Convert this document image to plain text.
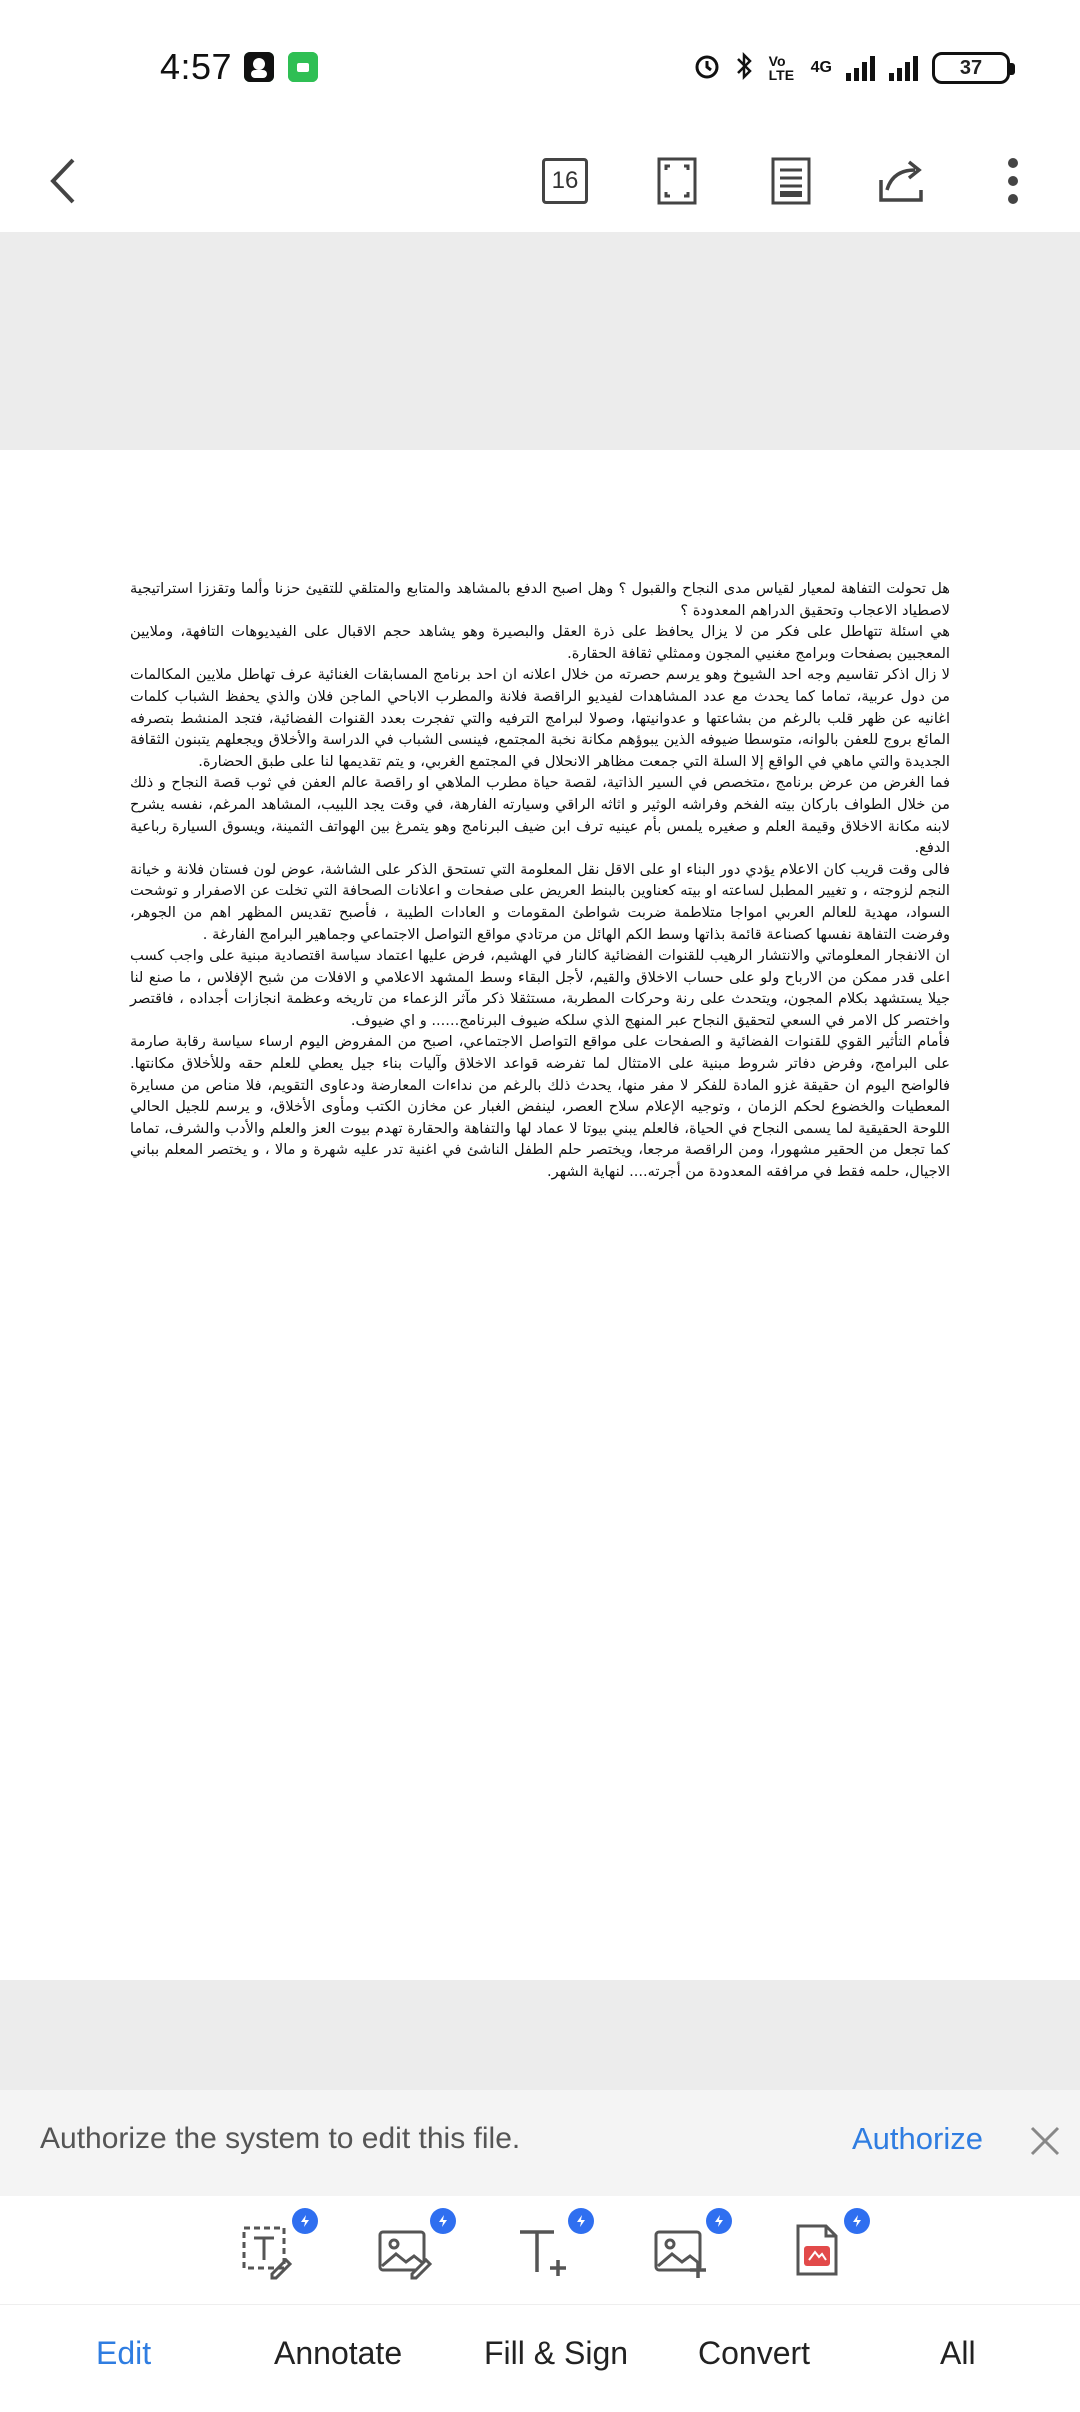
4:57	Vo LTE 4G	37
16

هل تحولت التفاهة لمعيار لقياس مدى النجاح والقبول ؟ وهل اصبح الدفع بالمشاهد والمتابع والمتلقي للتقيئ حزنا وألما وتقززا استراتيجية لاصطياد الاعجاب وتحقيق الدراهم المعدودة ؟

هي اسئلة تتهاطل على فكر من لا يزال يحافظ على ذرة العقل والبصيرة وهو يشاهد حجم الاقبال على الفيديوهات التافهة، وملايين المعجبين بصفحات وبرامج مغنيي المجون وممثلي ثقافة الحقارة.

لا زال اذكر تقاسيم وجه احد الشيوخ وهو يرسم حصرته من خلال اعلانه ان احد برنامج المسابقات الغنائية عرف تهاطل ملايين المكالمات من دول عربية، تماما كما يحدث مع عدد المشاهدات لفيديو الراقصة فلانة والمطرب الاباحي الماجن فلان والذي يحفظ الشباب كلمات اغانيه عن ظهر قلب بالرغم من بشاعتها و عدوانيتها، وصولا لبرامج الترفيه والتي تفجرت بعدد القنوات الفضائية، فتجد المنشط بتصرفه المائع بروج للعفن بالوانه، متوسطا ضيوفه الذين يبوؤهم مكانة نخبة المجتمع، فينسى الشباب في الدراسة والأخلاق ويجعلهم يتبنون الثقافة الجديدة والتي ماهي في الواقع إلا السلة التي جمعت مظاهر الانحلال في المجتمع الغربي، و يتم تقديمها لنا على طبق الحضارة.

فما الغرض من عرض برنامج ،متخصص في السير الذاتية، لقصة حياة مطرب الملاهي او راقصة عالم العفن في ثوب قصة النجاح و ذلك من خلال الطواف باركان بيته الفخم وفراشه الوثير و اثاثه الراقي وسيارته الفارهة، في وقت يجد اللبيب، المشاهد المرغم، نفسه يشرح لابنه مكانة الاخلاق وقيمة العلم و صغيره يلمس بأم عينيه ترف ابن ضيف البرنامج وهو يتمرغ بين الهواتف الثمينة، ويسوق السيارة رباعية الدفع.

فالى وقت قريب كان الاعلام يؤدي دور البناء او على الاقل نقل المعلومة التي تستحق الذكر على الشاشة، عوض لون فستان فلانة و خيانة النجم لزوجته ، و تغيير المطبل لساعته او بيته كعناوين بالبنط العريض على صفحات و اعلانات الصحافة التي تخلت عن الاصفرار و توشحت السواد، مهدية للعالم العربي امواجا متلاطمة ضربت شواطئ المقومات و العادات الطيبة ، فأصبح تقديس المظهر اهم من الجوهر، وفرضت التفاهة نفسها كصناعة قائمة بذاتها وسط الكم الهائل من مرتادي مواقع التواصل الاجتماعي وجماهير البرامج الفارغة .

ان الانفجار المعلوماتي والانتشار الرهيب للقنوات الفضائية كالنار في الهشيم، فرض عليها اعتماد سياسة اقتصادية مبنية على واجب كسب اعلى قدر ممكن من الارباح ولو على حساب الاخلاق والقيم، لأجل البقاء وسط المشهد الاعلامي و الافلات من شبح الإفلاس ، ما صنع لنا جيلا يستشهد بكلام المجون، ويتحدث على رنة وحركات المطربة، مستثقلا ذكر مآثر الزعماء من تاريخه وعظمة انجازات أجداده ، فاقتصر واختصر كل الامر في السعي لتحقيق النجاح عبر المنهج الذي سلكه ضيوف البرنامج...... و اي ضيوف.

فأمام التأثير القوي للقنوات الفضائية و الصفحات على مواقع التواصل الاجتماعي، اصبح من المفروض اليوم ارساء سياسة رقابة صارمة على البرامج، وفرض دفاتر شروط مبنية على الامتثال لما تفرضه قواعد الاخلاق وآليات بناء جيل يعطي للعلم حقه وللأخلاق مكانتها. فالواضح اليوم ان حقيقة غزو المادة للفكر لا مفر منها، يحدث ذلك بالرغم من نداءات المعارضة ودعاوى التقويم، فلا مناص من مسايرة المعطيات والخضوع لحكم الزمان ، وتوجيه الإعلام سلاح العصر، لينفض الغبار عن مخازن الكتب ومأوى الأخلاق، و يرسم للجيل الحالي اللوحة الحقيقية لما يسمى النجاح في الحياة، فالعلم يبني بيوتا لا عماد لها والتفاهة والحقارة تهدم بيوت العز والعلم والأدب والشرف، تماما كما تجعل من الحقير مشهورا، ومن الراقصة مرجعا، ويختصر حلم الطفل الناشئ في اغنية تدر عليه شهرة و مالا ، و يختصر المعلم بباني الاجيال، حلمه فقط في مرافقه المعدودة من أجرته.... لنهاية الشهر.

Authorize the system to edit this file.	Authorize
Edit	Annotate	Fill & Sign Convert	All
